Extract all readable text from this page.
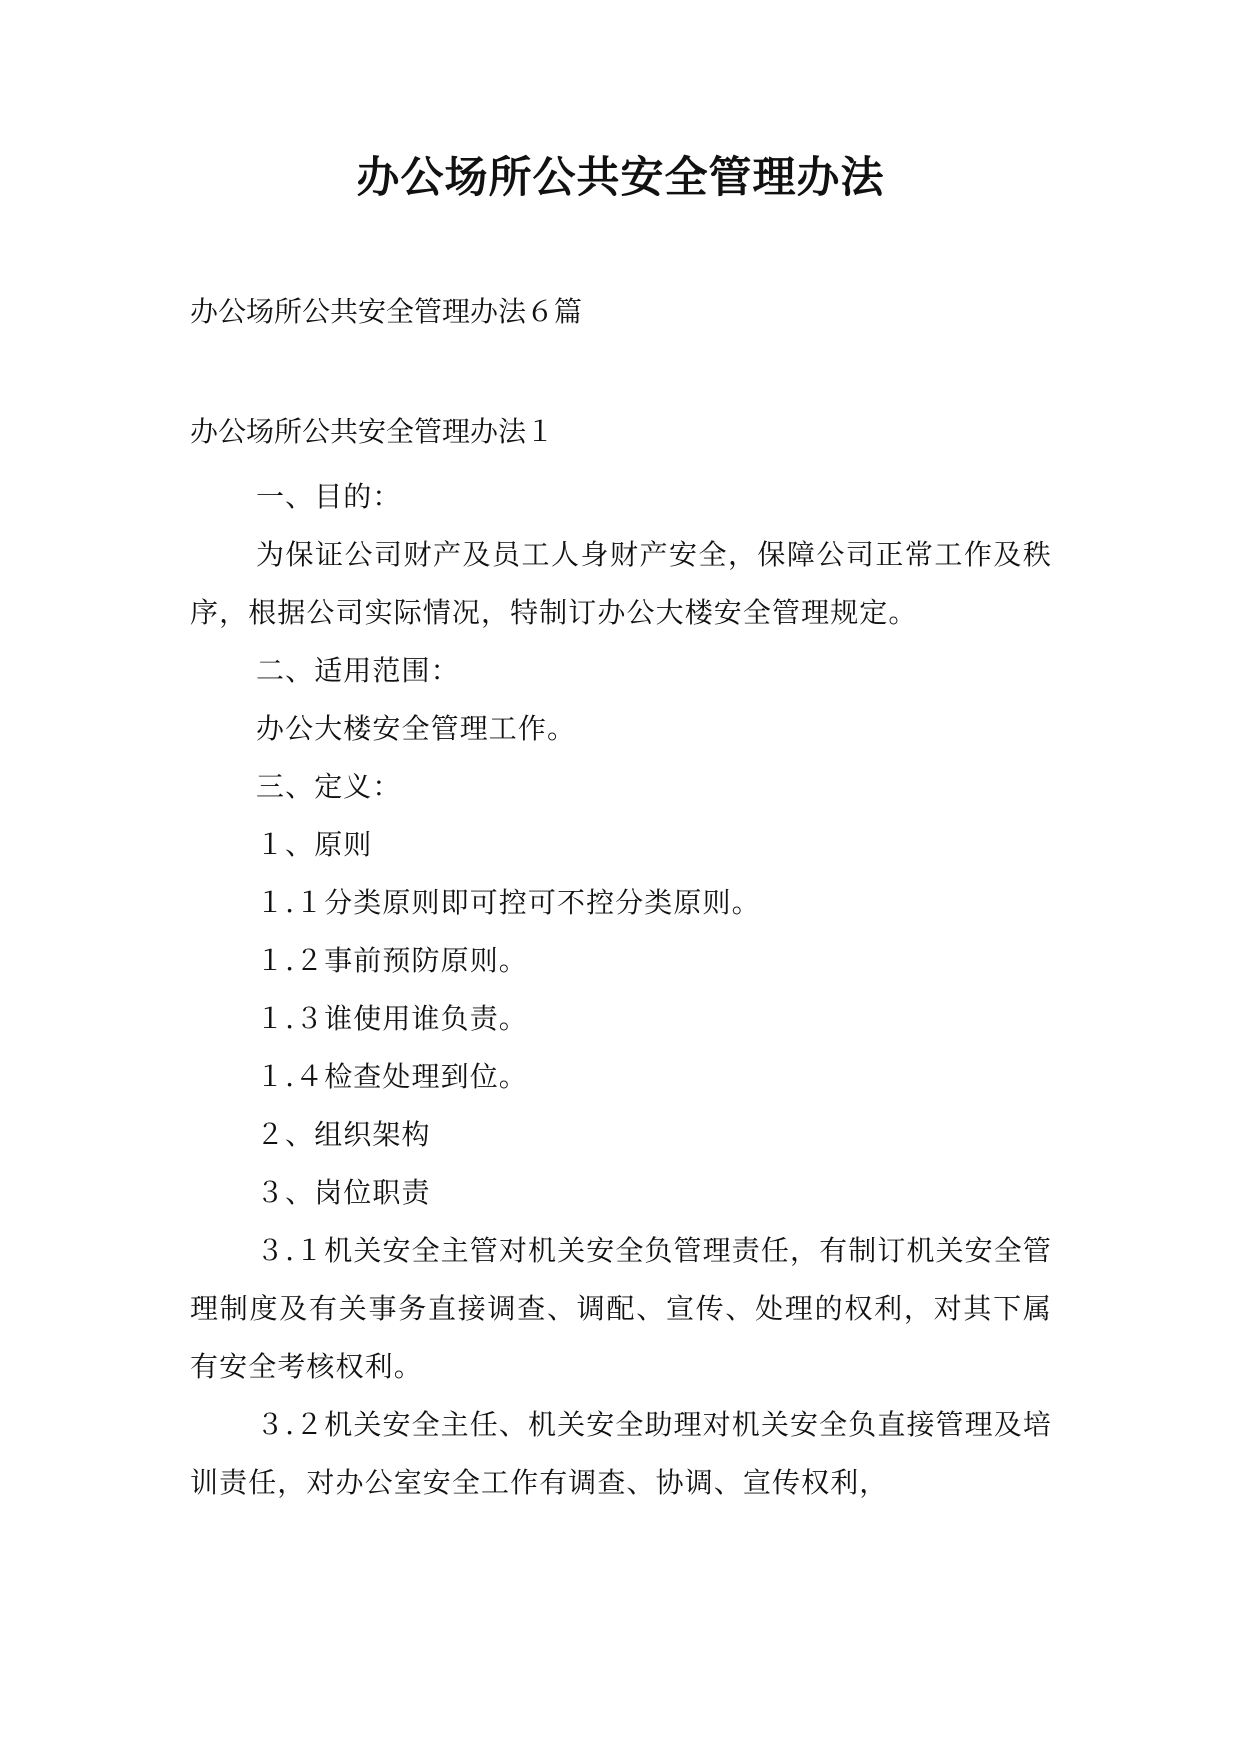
办公场所公共安全管理办法

办公场所公共安全管理办法６篇

办公场所公共安全管理办法１

一、目的：

为保证公司财产及员工人身财产安全，保障公司正常工作及秩序，根据公司实际情况，特制订办公大楼安全管理规定。

二、适用范围：

办公大楼安全管理工作。

三、定义：

１、原则

１.１分类原则即可控可不控分类原则。

１.２事前预防原则。

１.３谁使用谁负责。

１.４检查处理到位。

２、组织架构

３、岗位职责

３.１机关安全主管对机关安全负管理责任，有制订机关安全管理制度及有关事务直接调查、调配、宣传、处理的权利，对其下属有安全考核权利。

３.２机关安全主任、机关安全助理对机关安全负直接管理及培训责任，对办公室安全工作有调查、协调、宣传权利，
